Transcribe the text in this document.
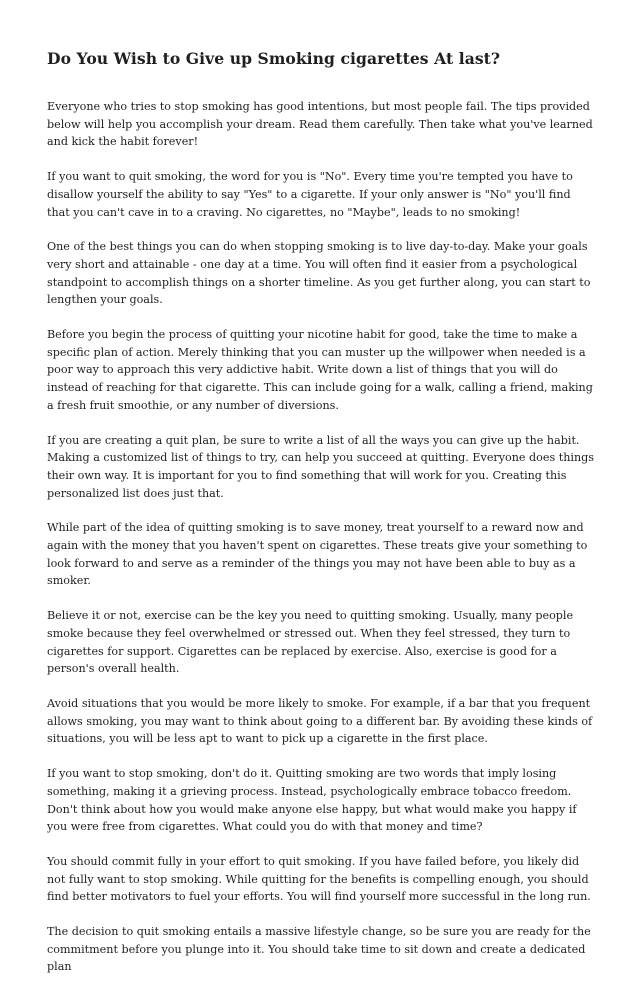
Do You Wish to Give up Smoking cigarettes At last?

Everyone who tries to stop smoking has good intentions, but most people fail. The tips provided below will help you accomplish your dream. Read them carefully. Then take what you've learned and kick the habit forever!

If you want to quit smoking, the word for you is "No". Every time you're tempted you have to disallow yourself the ability to say "Yes" to a cigarette. If your only answer is "No" you'll find that you can't cave in to a craving. No cigarettes, no "Maybe", leads to no smoking!

One of the best things you can do when stopping smoking is to live day-to-day. Make your goals very short and attainable - one day at a time. You will often find it easier from a psychological standpoint to accomplish things on a shorter timeline. As you get further along, you can start to lengthen your goals.

Before you begin the process of quitting your nicotine habit for good, take the time to make a specific plan of action. Merely thinking that you can muster up the willpower when needed is a poor way to approach this very addictive habit. Write down a list of things that you will do instead of reaching for that cigarette. This can include going for a walk, calling a friend, making a fresh fruit smoothie, or any number of diversions.

If you are creating a quit plan, be sure to write a list of all the ways you can give up the habit. Making a customized list of things to try, can help you succeed at quitting. Everyone does things their own way. It is important for you to find something that will work for you. Creating this personalized list does just that.

While part of the idea of quitting smoking is to save money, treat yourself to a reward now and again with the money that you haven't spent on cigarettes. These treats give your something to look forward to and serve as a reminder of the things you may not have been able to buy as a smoker.

Believe it or not, exercise can be the key you need to quitting smoking. Usually, many people smoke because they feel overwhelmed or stressed out. When they feel stressed, they turn to cigarettes for support. Cigarettes can be replaced by exercise. Also, exercise is good for a person's overall health.

Avoid situations that you would be more likely to smoke. For example, if a bar that you frequent allows smoking, you may want to think about going to a different bar. By avoiding these kinds of situations, you will be less apt to want to pick up a cigarette in the first place.

If you want to stop smoking, don't do it. Quitting smoking are two words that imply losing something, making it a grieving process. Instead, psychologically embrace tobacco freedom. Don't think about how you would make anyone else happy, but what would make you happy if you were free from cigarettes. What could you do with that money and time?

You should commit fully in your effort to quit smoking. If you have failed before, you likely did not fully want to stop smoking. While quitting for the benefits is compelling enough, you should find better motivators to fuel your efforts. You will find yourself more successful in the long run.

The decision to quit smoking entails a massive lifestyle change, so be sure you are ready for the commitment before you plunge into it. You should take time to sit down and create a dedicated plan
